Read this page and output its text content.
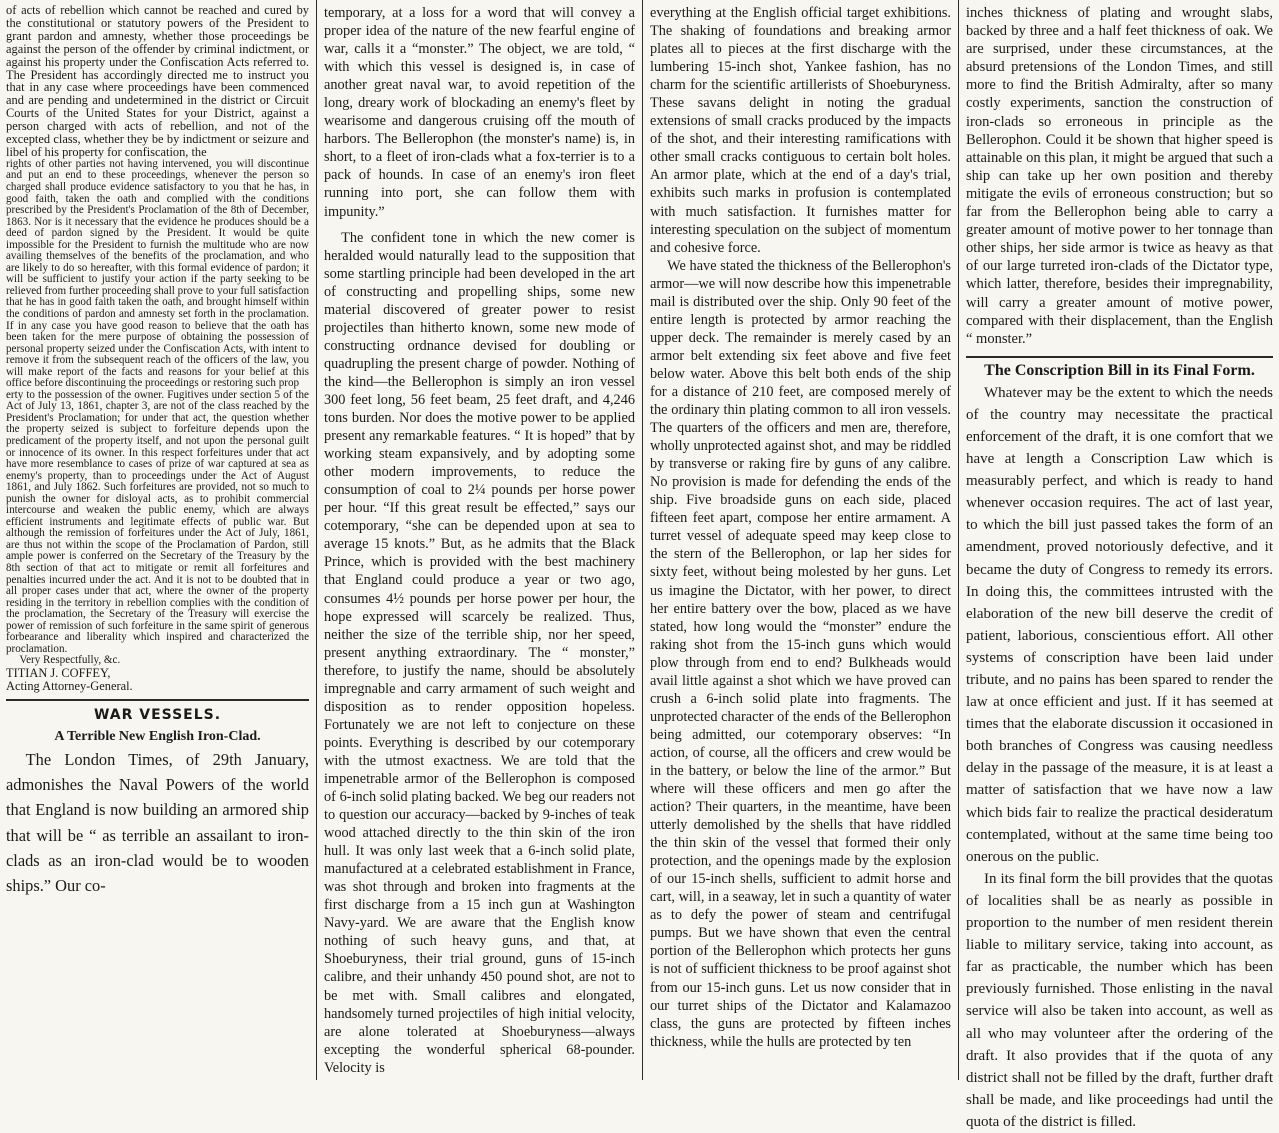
of acts of rebellion which cannot be reached and cured by the constitutional or statutory powers of the President to grant pardon and amnesty, whether those proceedings be against the person of the offender by criminal indictment, or against his property under the Confiscation Acts referred to. The President has accordingly directed me to instruct you that in any case where proceedings have been commenced and are pending and undetermined in the district or Circuit Courts of the United States for your District, against a person charged with acts of rebellion, and not of the excepted class, whether they be by indictment or seizure and libel of his property for confiscation, the

rights of other parties not having intervened, you will discontinue and put an end to these proceedings, whenever the person so charged shall produce evidence satisfactory to you that he has, in good faith, taken the oath and complied with the conditions prescribed by the President's Proclamation of the 8th of December, 1863. Nor is it necessary that the evidence he produces should be a deed of pardon signed by the President. It would be quite impossible for the President to furnish the multitude who are now availing themselves of the benefits of the proclamation, and who are likely to do so hereafter, with this formal evidence of pardon; it will be sufficient to justify your action if the party seeking to be relieved from further proceeding shall prove to your full satisfaction that he has in good faith taken the oath, and brought himself within the conditions of pardon and amnesty set forth in the proclamation. If in any case you have good reason to believe that the oath has been taken for the mere purpose of obtaining the possession of personal property seized under the Confiscation Acts, with intent to remove it from the subsequent reach of the officers of the law, you will make report of the facts and reasons for your belief at this office before discontinuing the proceedings or restoring such prop

erty to the possession of the owner. Fugitives under section 5 of the Act of July 13, 1861, chapter 3, are not of the class reached by the President's Proclamation; for under that act, the question whether the property seized is subject to forfeiture depends upon the predicament of the property itself, and not upon the personal guilt or innocence of its owner. In this respect forfeitures under that act have more resemblance to cases of prize of war captured at sea as enemy's property, than to proceedings under the Act of August 1861, and July 1862. Such forfeitures are provided, not so much to punish the owner for disloyal acts, as to prohibit commercial intercourse and weaken the public enemy, which are always efficient instruments and legitimate effects of public war. But although the remission of forfeitures under the Act of July, 1861, are thus not within the scope of the Proclamation of Pardon, still ample power is conferred on the Secretary of the Treasury by the 8th section of that act to mitigate or remit all forfeitures and penalties incurred under the act. And it is not to be doubted that in all proper cases under that act, where the owner of the property residing in the territory in rebellion complies with the condition of the proclamation, the Secretary of the Treasury will exercise the power of remission of such forfeiture in the same spirit of generous forbearance and liberality which inspired and characterized the proclamation.

Very Respectfully, &c.

TITIAN J. COFFEY,

Acting Attorney-General.

WAR VESSELS.
A Terrible New English Iron-Clad.

The London Times, of 29th January, admonishes the Naval Powers of the world that England is now building an armored ship that will be “ as terrible an assailant to iron-clads as an iron-clad would be to wooden ships.” Our co-

temporary, at a loss for a word that will convey a proper idea of the nature of the new fearful engine of war, calls it a “monster.” The object, we are told, “ with which this vessel is designed is, in case of another great naval war, to avoid repetition of the long, dreary work of blockading an enemy's fleet by wearisome and dangerous cruising off the mouth of harbors. The Bellerophon (the monster's name) is, in short, to a fleet of iron-clads what a fox-terrier is to a pack of hounds. In case of an enemy's iron fleet running into port, she can follow them with impunity.”

The confident tone in which the new comer is heralded would naturally lead to the supposition that some startling principle had been developed in the art of constructing and propelling ships, some new material discovered of greater power to resist projectiles than hitherto known, some new mode of constructing ordnance devised for doubling or quadrupling the present charge of powder. Nothing of the kind—the Bellerophon is simply an iron vessel 300 feet long, 56 feet beam, 25 feet draft, and 4,246 tons burden. Nor does the motive power to be applied present any remarkable features. “ It is hoped” that by working steam expansively, and by adopting some other modern improvements, to reduce the consumption of coal to 2¼ pounds per horse power per hour. “If this great result be effected,” says our cotemporary, “she can be depended upon at sea to average 15 knots.” But, as he admits that the Black Prince, which is provided with the best machinery that England could produce a year or two ago, consumes 4½ pounds per horse power per hour, the hope expressed will scarcely be realized. Thus, neither the size of the terrible ship, nor her speed, present anything extraordinary. The “ monster,” therefore, to justify the name, should be absolutely impregnable and carry armament of such weight and disposition as to render opposition hopeless. Fortunately we are not left to conjecture on these points. Everything is described by our cotemporary with the utmost exactness. We are told that the impenetrable armor of the Bellerophon is composed of 6-inch solid plating backed. We beg our readers not to question our accuracy—backed by 9-inches of teak wood attached directly to the thin skin of the iron hull. It was only last week that a 6-inch solid plate, manufactured at a celebrated establishment in France, was shot through and broken into fragments at the first discharge from a 15 inch gun at Washington Navy-yard. We are aware that the English know nothing of such heavy guns, and that, at Shoeburyness, their trial ground, guns of 15-inch calibre, and their unhandy 450 pound shot, are not to be met with. Small calibres and elongated, handsomely turned projectiles of high initial velocity, are alone tolerated at Shoeburyness—always excepting the wonderful spherical 68-pounder. Velocity is

everything at the English official target exhibitions. The shaking of foundations and breaking armor plates all to pieces at the first discharge with the lumbering 15-inch shot, Yankee fashion, has no charm for the scientific artillerists of Shoeburyness. These savans delight in noting the gradual extensions of small cracks produced by the impacts of the shot, and their interesting ramifications with other small cracks contiguous to certain bolt holes. An armor plate, which at the end of a day's trial, exhibits such marks in profusion is contemplated with much satisfaction. It furnishes matter for interesting speculation on the subject of momentum and cohesive force.

We have stated the thickness of the Bellerophon's armor—we will now describe how this impenetrable mail is distributed over the ship. Only 90 feet of the entire length is protected by armor reaching the upper deck. The remainder is merely cased by an armor belt extending six feet above and five feet below water. Above this belt both ends of the ship for a distance of 210 feet, are composed merely of the ordinary thin plating common to all iron vessels. The quarters of the officers and men are, therefore, wholly unprotected against shot, and may be riddled by transverse or raking fire by guns of any calibre. No provision is made for defending the ends of the ship. Five broadside guns on each side, placed fifteen feet apart, compose her entire armament. A turret vessel of adequate speed may keep close to the stern of the Bellerophon, or lap her sides for sixty feet, without being molested by her guns. Let us imagine the Dictator, with her power, to direct her entire battery over the bow, placed as we have stated, how long would the “monster” endure the raking shot from the 15-inch guns which would plow through from end to end? Bulkheads would avail little against a shot which we have proved can crush a 6-inch solid plate into fragments. The unprotected character of the ends of the Bellerophon being admitted, our cotemporary observes: “In action, of course, all the officers and crew would be in the battery, or below the line of the armor.” But where will these officers and men go after the action? Their quarters, in the meantime, have been utterly demolished by the shells that have riddled the thin skin of the vessel that formed their only protection, and the openings made by the explosion of our 15-inch shells, sufficient to admit horse and cart, will, in a seaway, let in such a quantity of water as to defy the power of steam and centrifugal pumps. But we have shown that even the central portion of the Bellerophon which protects her guns is not of sufficient thickness to be proof against shot from our 15-inch guns. Let us now consider that in our turret ships of the Dictator and Kalamazoo class, the guns are protected by fifteen inches thickness, while the hulls are protected by ten

inches thickness of plating and wrought slabs, backed by three and a half feet thickness of oak. We are surprised, under these circumstances, at the absurd pretensions of the London Times, and still more to find the British Admiralty, after so many costly experiments, sanction the construction of iron-clads so erroneous in principle as the Bellerophon. Could it be shown that higher speed is attainable on this plan, it might be argued that such a ship can take up her own position and thereby mitigate the evils of erroneous construction; but so far from the Bellerophon being able to carry a greater amount of motive power to her tonnage than other ships, her side armor is twice as heavy as that of our large turreted iron-clads of the Dictator type, which latter, therefore, besides their impregnability, will carry a greater amount of motive power, compared with their displacement, than the English “ monster.”

The Conscription Bill in its Final Form.

Whatever may be the extent to which the needs of the country may necessitate the practical enforcement of the draft, it is one comfort that we have at length a Conscription Law which is measurably perfect, and which is ready to hand whenever occasion requires. The act of last year, to which the bill just passed takes the form of an amendment, proved notoriously defective, and it became the duty of Congress to remedy its errors. In doing this, the committees intrusted with the elaboration of the new bill deserve the credit of patient, laborious, conscientious effort. All other systems of conscription have been laid under tribute, and no pains has been spared to render the law at once efficient and just. If it has seemed at times that the elaborate discussion it occasioned in both branches of Congress was causing needless delay in the passage of the measure, it is at least a matter of satisfaction that we have now a law which bids fair to realize the practical desideratum contemplated, without at the same time being too onerous on the public.

In its final form the bill provides that the quotas of localities shall be as nearly as possible in proportion to the number of men resident therein liable to military service, taking into account, as far as practicable, the number which has been previously furnished. Those enlisting in the naval service will also be taken into account, as well as all who may volunteer after the ordering of the draft. It also provides that if the quota of any district shall not be filled by the draft, further draft shall be made, and like proceedings had until the quota of the district is filled.
